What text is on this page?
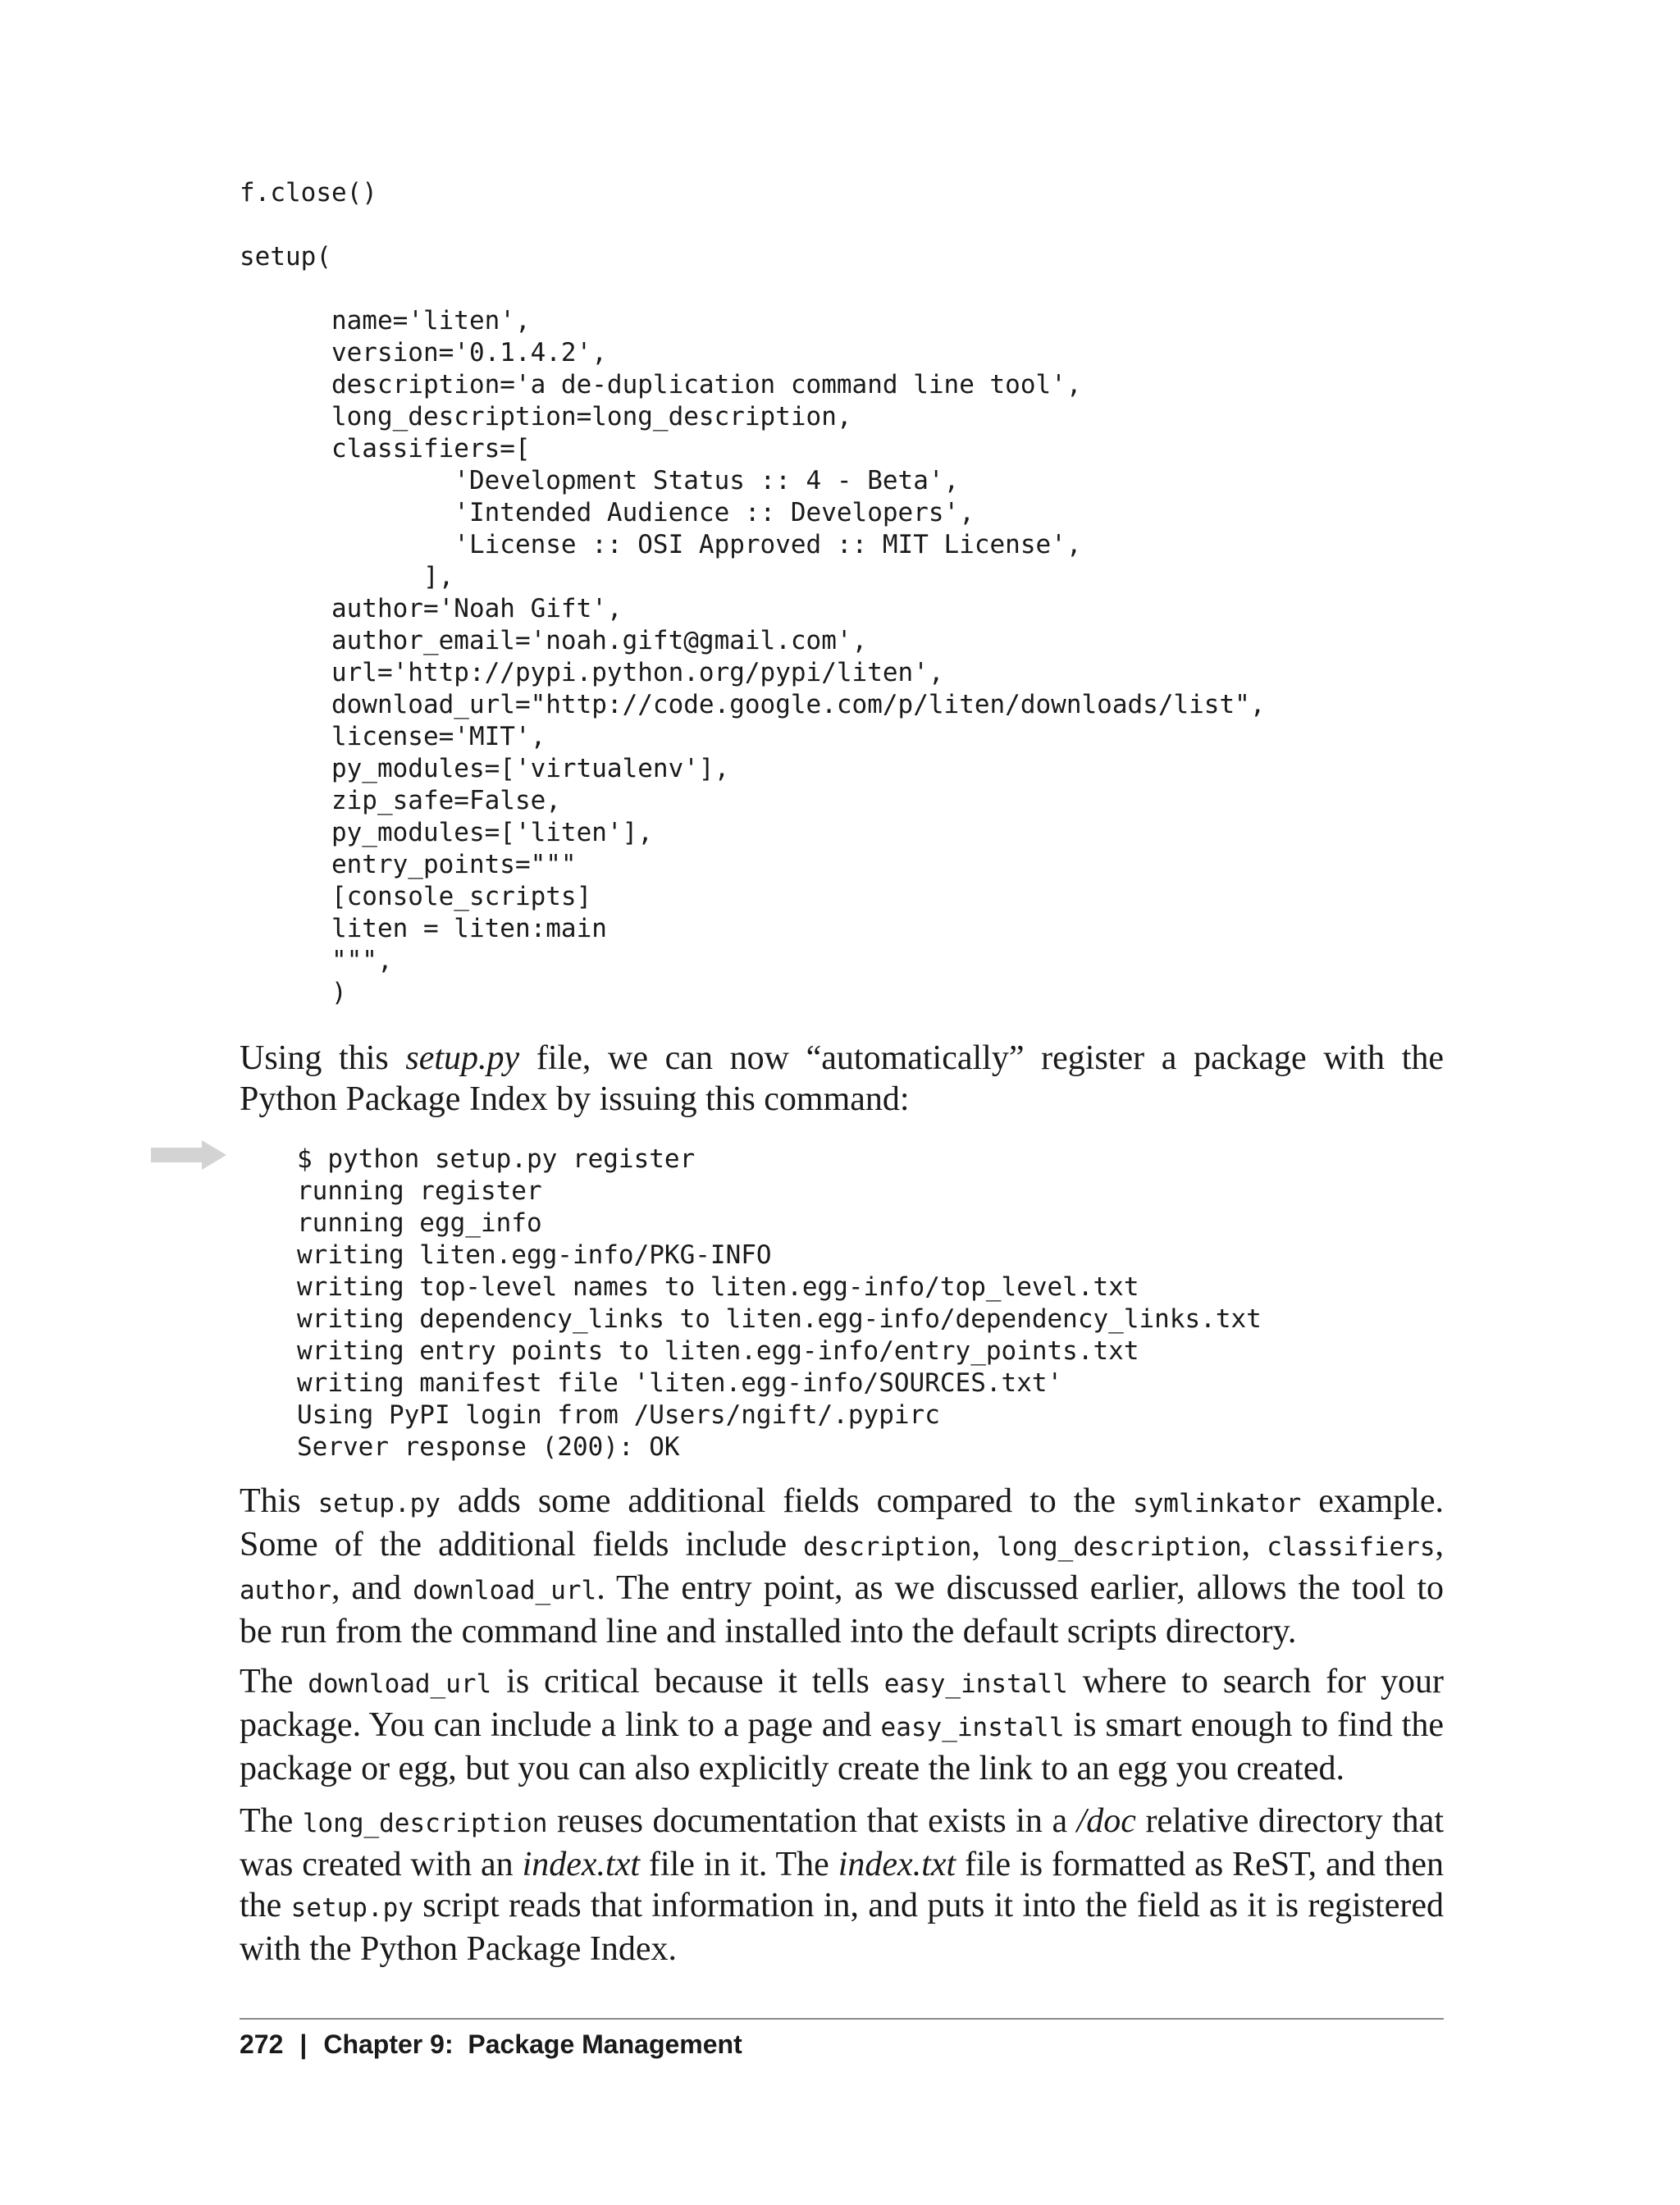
f.close()

setup(

name='liten',
version='0.1.4.2',
description='a de-duplication command line tool',
long_description=long_description,
classifiers=[
'Development Status :: 4 - Beta',
'Intended Audience :: Developers',
'License :: OSI Approved :: MIT License',
],
author='Noah Gift',
author_email='noah.gift@gmail.com',
url='http://pypi.python.org/pypi/liten',
download_url="http://code.google.com/p/liten/downloads/list",
license='MIT',
py_modules=['virtualenv'],
zip_safe=False,
py_modules=['liten'],
entry_points="""
[console_scripts]
liten = liten:main
""",
)

Using this setup.py file, we can now “automatically” register a package with the Python Package Index by issuing this command:

$ python setup.py register
running register
running egg_info
writing liten.egg-info/PKG-INFO
writing top-level names to liten.egg-info/top_level.txt
writing dependency_links to liten.egg-info/dependency_links.txt
writing entry points to liten.egg-info/entry_points.txt
writing manifest file 'liten.egg-info/SOURCES.txt'
Using PyPI login from /Users/ngift/.pypirc
Server response (200): OK

This setup.py adds some additional fields compared to the symlinkator example. Some of the additional fields include description, long_description, classifiers, author, and download_url. The entry point, as we discussed earlier, allows the tool to be run from the command line and installed into the default scripts directory.

The download_url is critical because it tells easy_install where to search for your package. You can include a link to a page and easy_install is smart enough to find the package or egg, but you can also explicitly create the link to an egg you created.

The long_description reuses documentation that exists in a /doc relative directory that was created with an index.txt file in it. The index.txt file is formatted as ReST, and then the setup.py script reads that information in, and puts it into the field as it is registered with the Python Package Index.

272 | Chapter 9:  Package Management
